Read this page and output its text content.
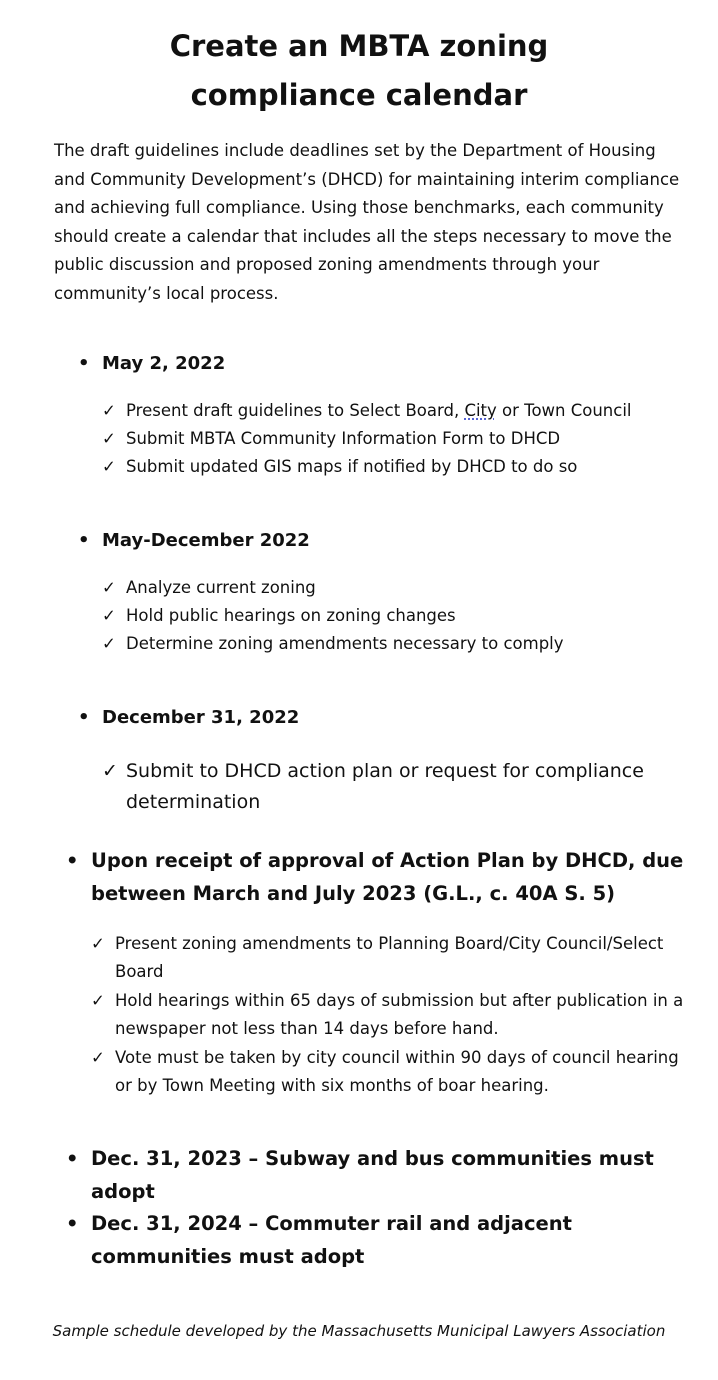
Create an MBTA zoning
compliance calendar

The draft guidelines include deadlines set by the Department of Housing and Community Development’s (DHCD) for maintaining interim compliance and achieving full compliance. Using those benchmarks, each community should create a calendar that includes all the steps necessary to move the public discussion and proposed zoning amendments through your community’s local process.

• May 2, 2022
✓ Present draft guidelines to Select Board, City or Town Council
✓ Submit MBTA Community Information Form to DHCD
✓ Submit updated GIS maps if notified by DHCD to do so
• May-December 2022
✓ Analyze current zoning
✓ Hold public hearings on zoning changes
✓ Determine zoning amendments necessary to comply
• December 31, 2022
✓ Submit to DHCD action plan or request for compliance determination
• Upon receipt of approval of Action Plan by DHCD, due between March and July 2023 (G.L., c. 40A S. 5)
✓ Present zoning amendments to Planning Board/City Council/Select Board
✓ Hold hearings within 65 days of submission but after publication in a newspaper not less than 14 days before hand.
✓ Vote must be taken by city council within 90 days of council hearing or by Town Meeting with six months of boar hearing.
• Dec. 31, 2023 – Subway and bus communities must adopt
• Dec. 31, 2024 – Commuter rail and adjacent communities must adopt

Sample schedule developed by the Massachusetts Municipal Lawyers Association
